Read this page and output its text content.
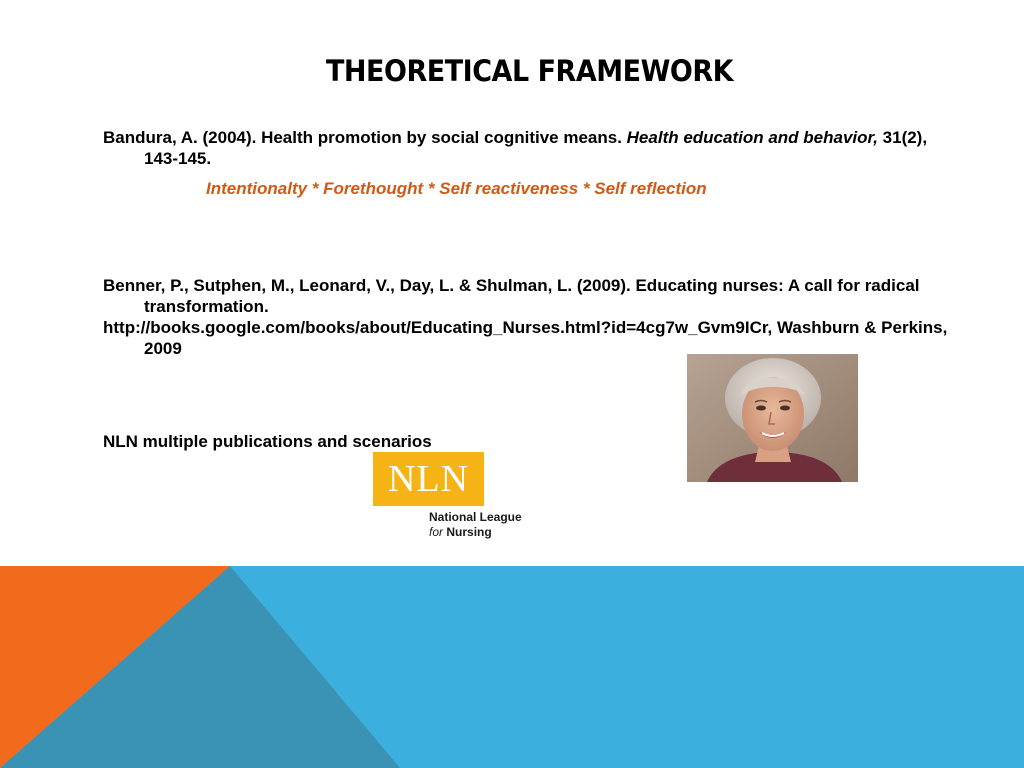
THEORETICAL FRAMEWORK

Bandura, A. (2004). Health promotion by social cognitive means. Health education and behavior, 31(2), 143-145.

Intentionalty * Forethought * Self reactiveness * Self reflection

Benner, P., Sutphen, M., Leonard, V., Day, L. & Shulman, L. (2009). Educating nurses: A call for radical transformation.
http://books.google.com/books/about/Educating_Nurses.html?id=4cg7w_Gvm9ICr, Washburn & Perkins, 2009

NLN multiple publications and scenarios

NLN
National League
for Nursing
